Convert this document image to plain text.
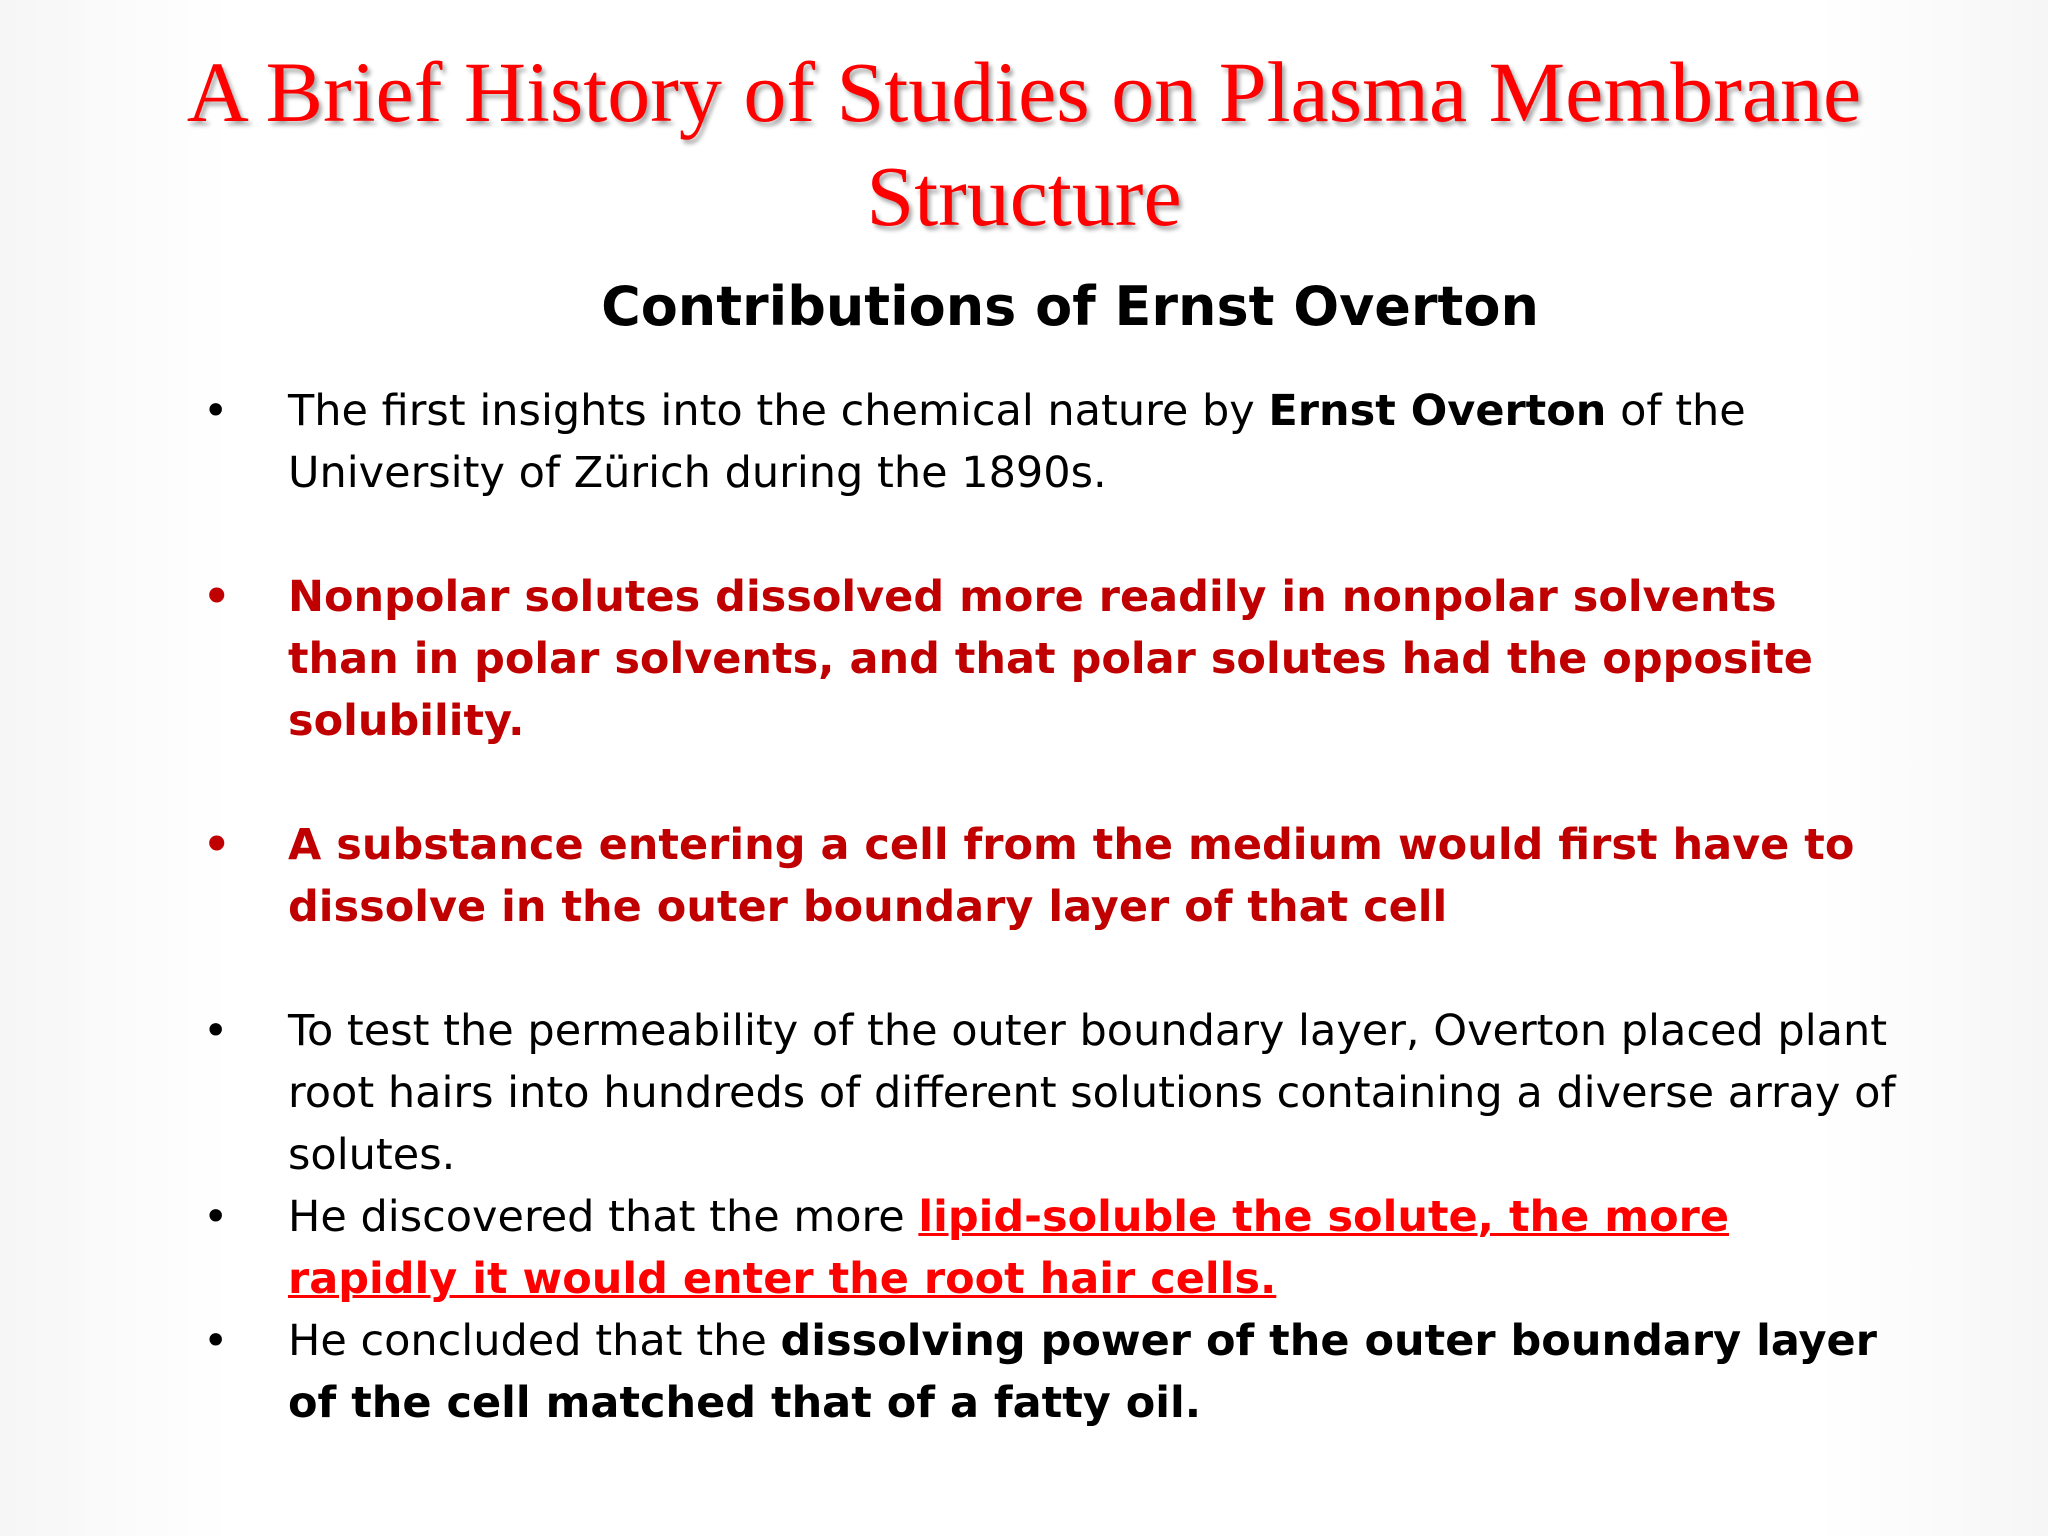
A Brief History of Studies on Plasma Membrane
Structure
Contributions of Ernst Overton
•	The first insights into the chemical nature by Ernst Overton of the University of Zürich during the 1890s.
• Nonpolar solutes dissolved more readily in nonpolar solvents than in polar solvents, and that polar solutes had the opposite solubility.
• A substance entering a cell from the medium would first have to dissolve in the outer boundary layer of that cell
•	To test the permeability of the outer boundary layer, Overton placed plant root hairs into hundreds of different solutions containing a diverse array of solutes.
•	He discovered that the more lipid-soluble the solute, the more rapidly it would enter the root hair cells.
•	He concluded that the dissolving power of the outer boundary layer of the cell matched that of a fatty oil.
